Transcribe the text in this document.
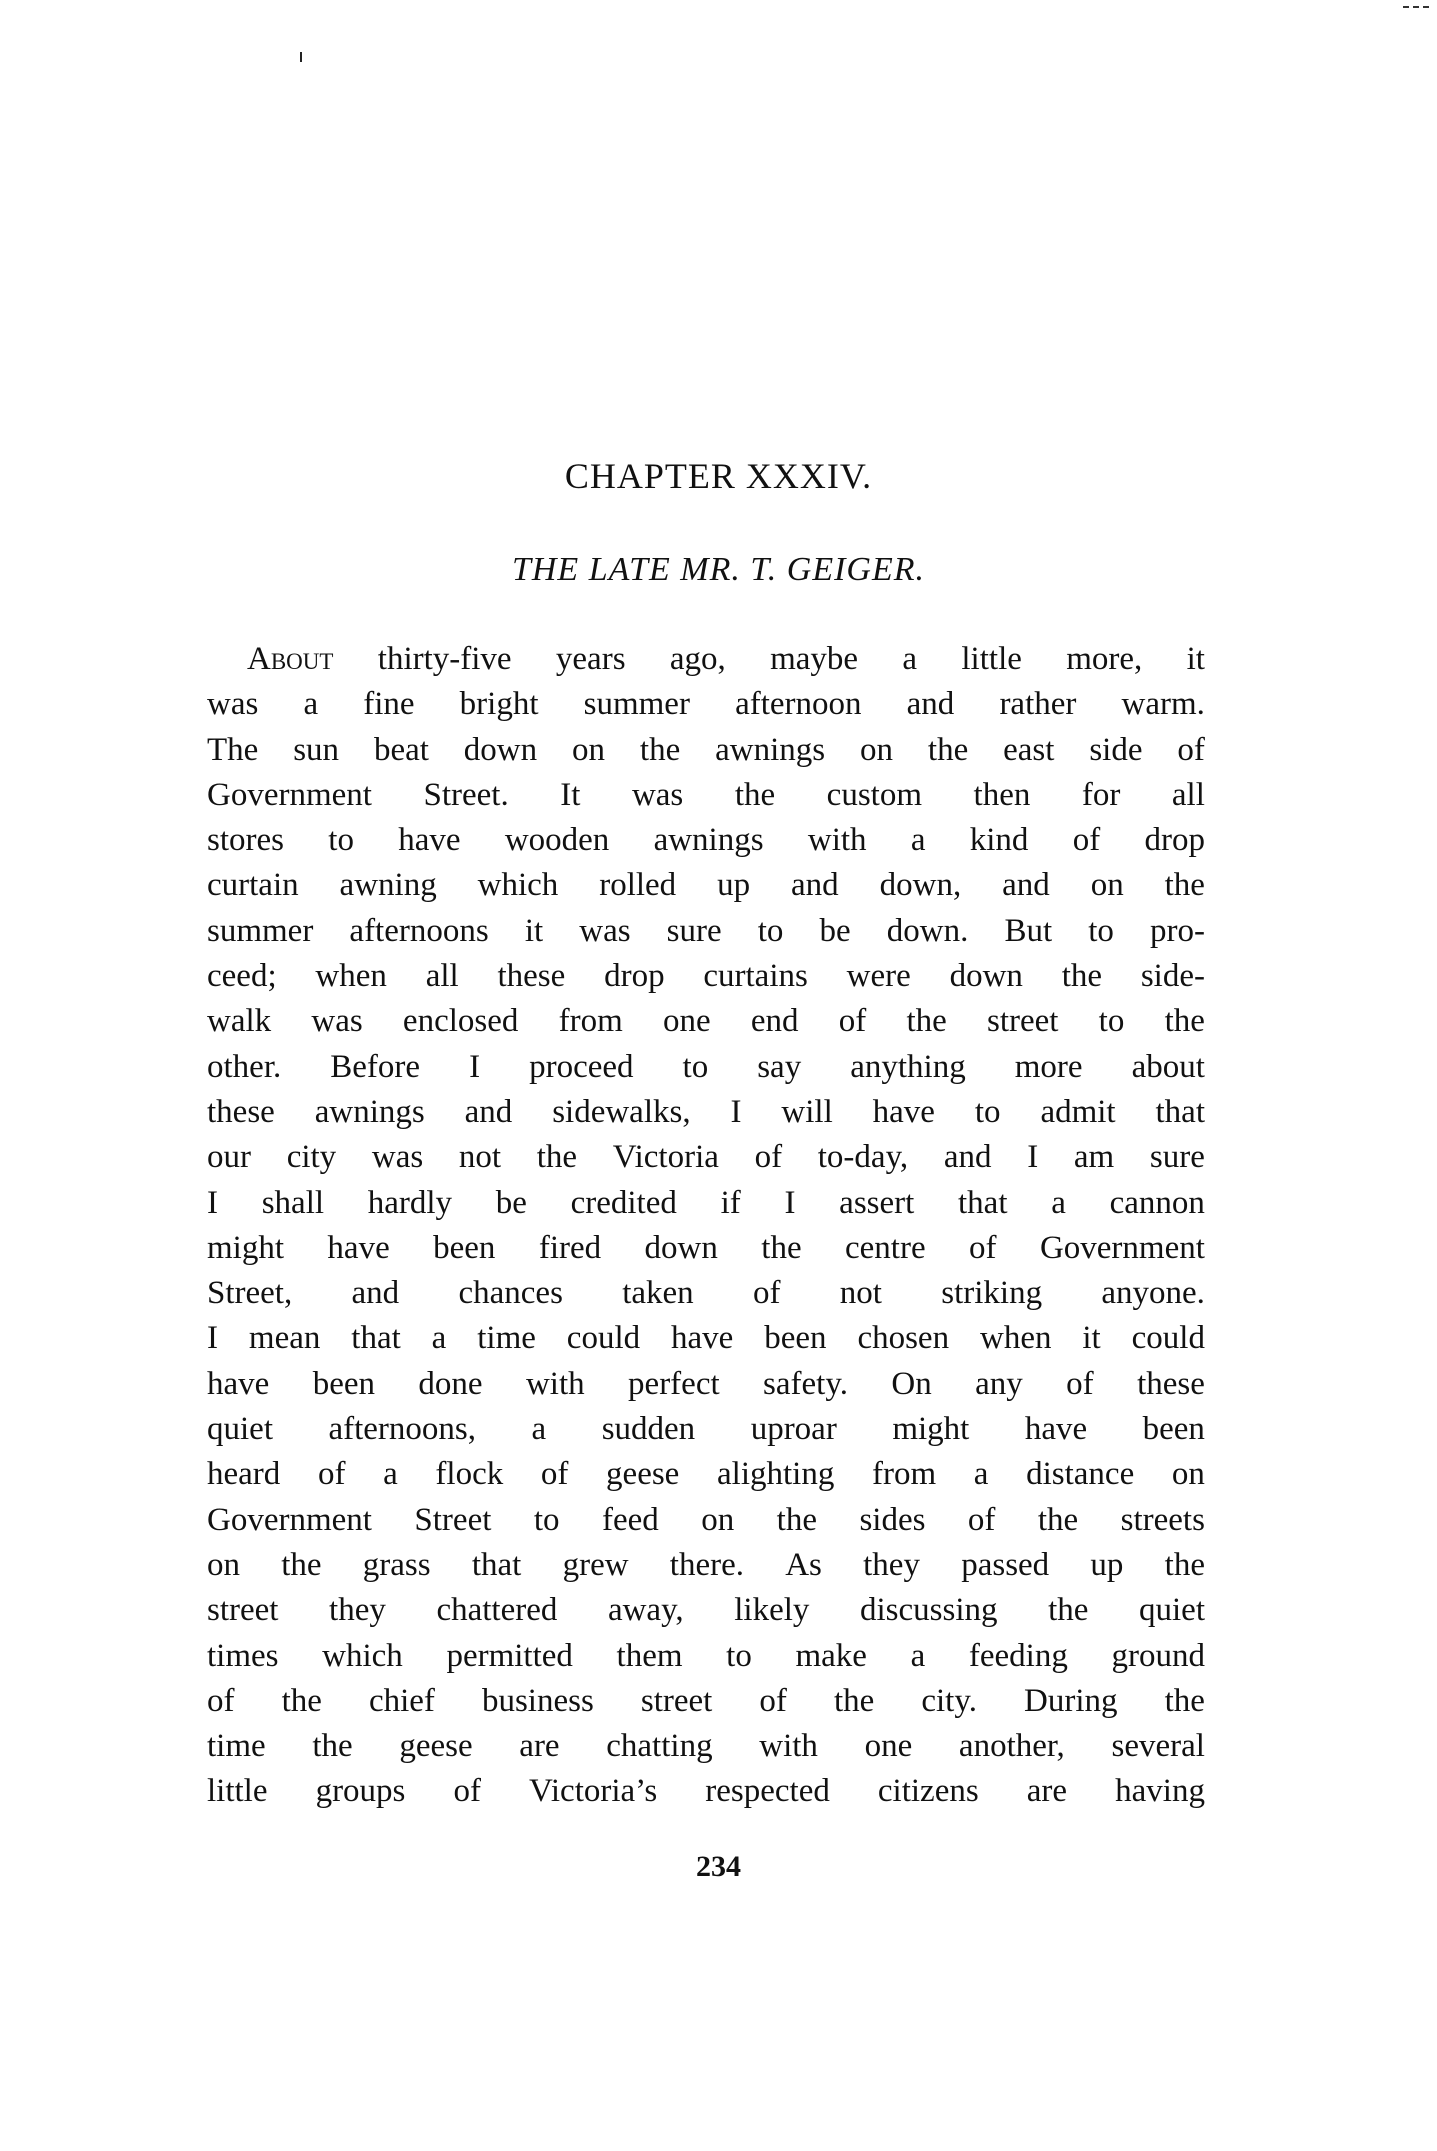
CHAPTER XXXIV.
THE LATE MR. T. GEIGER.
About thirty-five years ago, maybe a little more, it
was a fine bright summer afternoon and rather warm.
The sun beat down on the awnings on the east side of
Government Street. It was the custom then for all
stores to have wooden awnings with a kind of drop
curtain awning which rolled up and down, and on the
summer afternoons it was sure to be down. But to pro-
ceed; when all these drop curtains were down the side-
walk was enclosed from one end of the street to the
other. Before I proceed to say anything more about
these awnings and sidewalks, I will have to admit that
our city was not the Victoria of to-day, and I am sure
I shall hardly be credited if I assert that a cannon
might have been fired down the centre of Government
Street, and chances taken of not striking anyone.
I mean that a time could have been chosen when it could
have been done with perfect safety. On any of these
quiet afternoons, a sudden uproar might have been
heard of a flock of geese alighting from a distance on
Government Street to feed on the sides of the streets
on the grass that grew there. As they passed up the
street they chattered away, likely discussing the quiet
times which permitted them to make a feeding ground
of the chief business street of the city. During the
time the geese are chatting with one another, several
little groups of Victoria’s respected citizens are having
234
